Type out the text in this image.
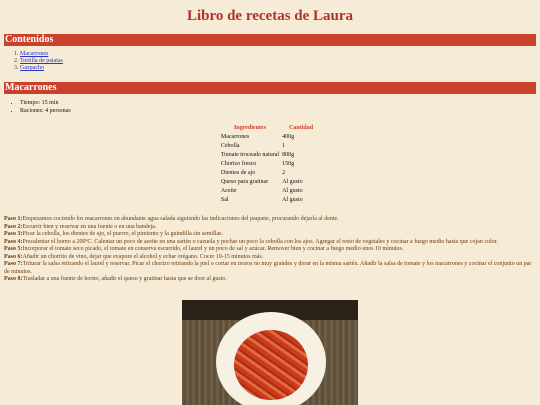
Libro de recetas de Laura
Contenidos
1. Macarrones
2. Tortilla de patatas
3. Gazpacho
Macarrones
• Tiempo: 15 min
• Raciones: 4 personas
Ingredientes	Cantidad
Macarrones	400g
Cebolla	1
Tomate troceado natural	800g
Chorizo fresco	150g
Dientes de ajo	2
Queso para gratinar	Al gusto
Aceite	Al gusto
Sal	Al gusto
Paso 1:Empezamos cociendo los macarrones en abundante agua salada siguiendo las indicaciones del paquete, procurando dejarla al dente.
Paso 2:Escurrir bien y reservar en una fuente o en una bandeja.
Paso 3:Picar la cebolla, los dientes de ajo, el puerro, el pimiento y la guindilla sin semillas.
Paso 4:Precalentar el horno a 200ºC. Calentar un poco de aceite en una sartén o cazuela y pochar un poco la cebolla con los ajos. Agregar el resto de vegetales y cocinar a fuego medio hasta que cojan color.
Paso 5:Incorporar el tomate seco picado, el tomate en conserva escurrido, el laurel y un poco de sal y azúcar. Remover bien y cocinar a fuego medio unos 10 minutos.
Paso 6:Añadir un chorrito de vino, dejar que evapore el alcohol y echar orégano. Cocer 10-15 minutos más.
Paso 7:Triturar la salsa retirando el laurel y reservar. Picar el chorizo retirando la piel o cortar en trozos no muy grandes y dorar en la misma sartén. Añadir la salsa de tomate y los macarrones y cocinar el conjunto un par de minutos.
Paso 8:Trasladar a una fuente de horno, añadir el queso y gratinar hasta que se dore al gusto.
